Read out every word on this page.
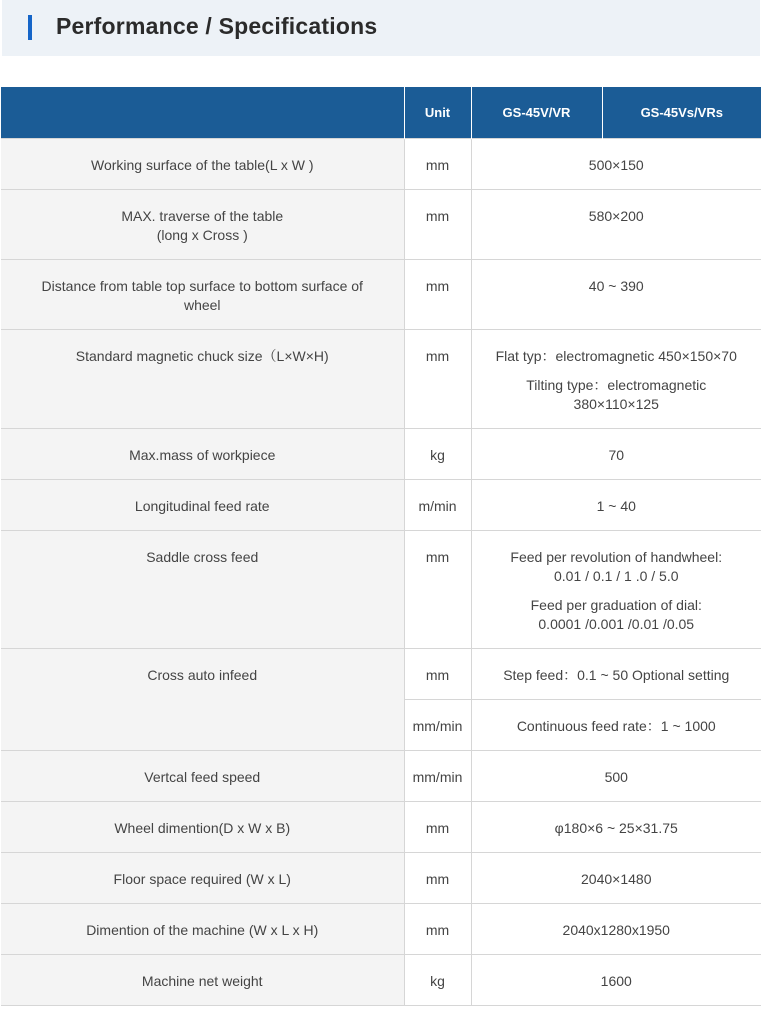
Performance / Specifications
	Unit	GS-45V/VR	GS-45Vs/VRs
Working surface of the table(L x W )	mm	500×150	

MAX. traverse of the table
(long x Cross )	mm	580×200	

Distance from table top surface to bottom surface of
wheel	mm	40 ~ 390	
Standard magnetic chuck size（L×W×H)	mm	Flat typ：electromagnetic 450×150×70
Tilting type：electromagnetic
380×110×125	

Max.mass of workpiece	kg	70	
Longitudinal feed rate	m/min	1 ~ 40	
Saddle cross feed	mm	Feed per revolution of handwheel:
0.01 / 0.1 / 1 .0 / 5.0
Feed per graduation of dial:
0.0001 /0.001 /0.01 /0.05	

Cross auto infeed	mm	Step feed：0.1 ~ 50 Optional setting	
	mm/min	Continuous feed rate：1 ~ 1000	
Vertcal feed speed	mm/min	500	
Wheel dimention(D x W x B)	mm	φ180×6 ~ 25×31.75	
Floor space required (W x L)	mm	2040×1480	
Dimention of the machine (W x L x H)	mm	2040x1280x1950	
Machine net weight	kg	1600	
